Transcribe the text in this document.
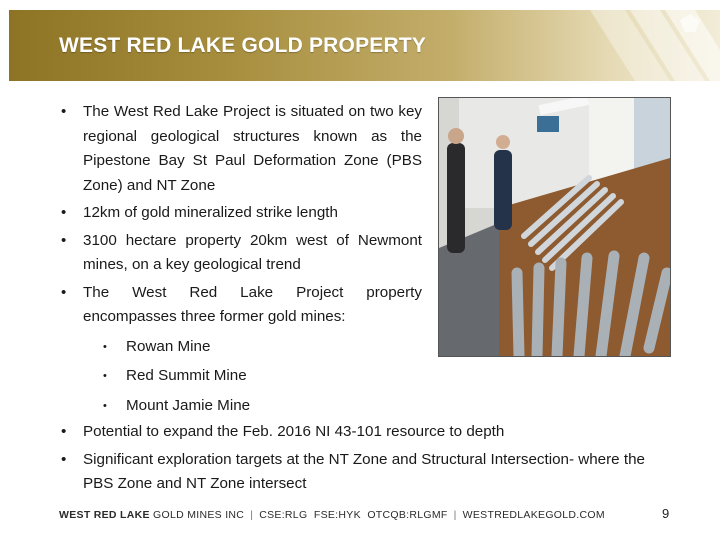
WEST RED LAKE GOLD PROPERTY
• The West Red Lake Project is situated on two key regional geological structures known as the Pipestone Bay St Paul Deformation Zone (PBS Zone) and NT Zone
• 12km of gold mineralized strike length
• 3100 hectare property 20km west of Newmont mines, on a key geological trend
• The West Red Lake Project property encompasses three former gold mines:
• Rowan Mine
• Red Summit Mine
• Mount Jamie Mine
• Potential to expand the Feb. 2016 NI 43-101 resource to depth
• Significant exploration targets at the NT Zone and Structural Intersection- where the PBS Zone and NT Zone intersect
WEST RED LAKE GOLD MINES INC | CSE:RLG FSE:HYK OTCQB:RLGMF | WESTREDLAKEGOLD.COM	9
